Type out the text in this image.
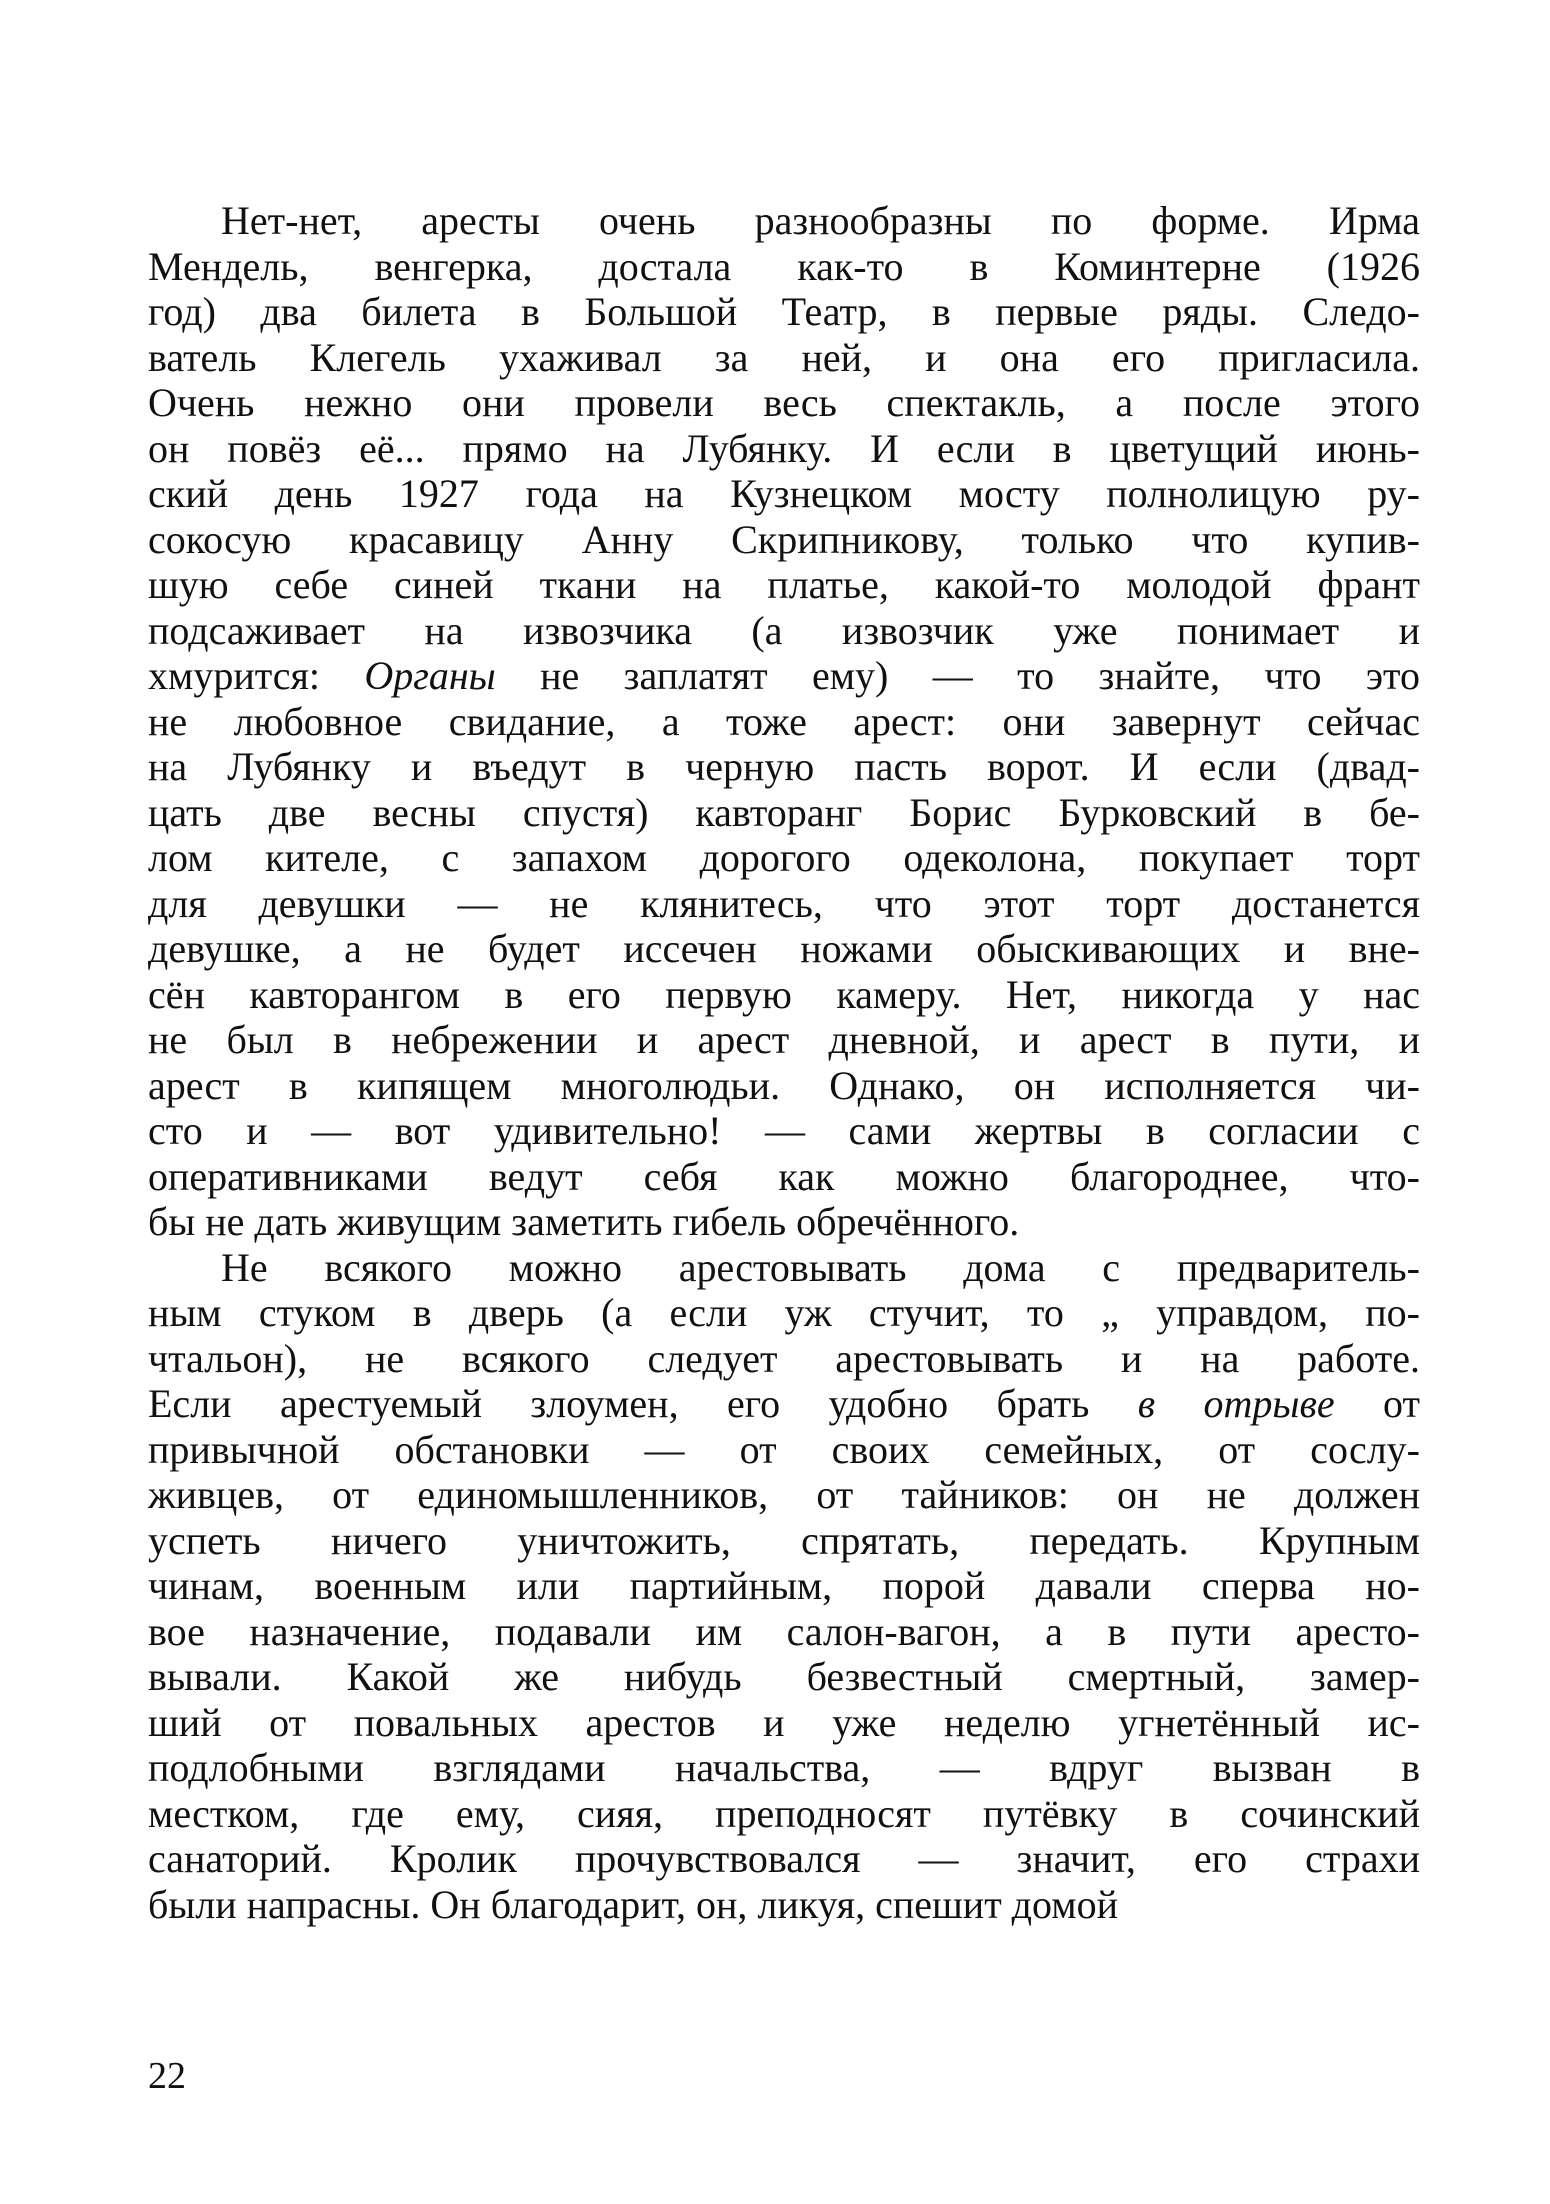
Нет-нет, аресты очень разнообразны по форме. Ирма
Мендель, венгерка, достала как-то в Коминтерне (1926
год) два билета в Большой Театр, в первые ряды. Следо-
ватель Клегель ухаживал за ней, и она его пригласила.
Очень нежно они провели весь спектакль, а после этого
он повёз её... прямо на Лубянку. И если в цветущий июнь-
ский день 1927 года на Кузнецком мосту полнолицую ру-
сокосую красавицу Анну Скрипникову, только что купив-
шую себе синей ткани на платье, какой-то молодой франт
подсаживает на извозчика (а извозчик уже понимает и
хмурится: Органы не заплатят ему) — то знайте, что это
не любовное свидание, а тоже арест: они завернут сейчас
на Лубянку и въедут в черную пасть ворот. И если (двад-
цать две весны спустя) кавторанг Борис Бурковский в бе-
лом кителе, с запахом дорогого одеколона, покупает торт
для девушки — не клянитесь, что этот торт достанется
девушке, а не будет иссечен ножами обыскивающих и вне-
сён кавторангом в его первую камеру. Нет, никогда у нас
не был в небрежении и арест дневной, и арест в пути, и
арест в кипящем многолюдьи. Однако, он исполняется чи-
сто и — вот удивительно! — сами жертвы в согласии с
оперативниками ведут себя как можно благороднее, что-
бы не дать живущим заметить гибель обречённого.
Не всякого можно арестовывать дома с предваритель-
ным стуком в дверь (а если уж стучит, то „ управдом, по-
чтальон), не всякого следует арестовывать и на работе.
Если арестуемый злоумен, его удобно брать в отрыве от
привычной обстановки — от своих семейных, от сослу-
живцев, от единомышленников, от тайников: он не должен
успеть ничего уничтожить, спрятать, передать. Крупным
чинам, военным или партийным, порой давали сперва но-
вое назначение, подавали им салон-вагон, а в пути аресто-
вывали. Какой же нибудь безвестный смертный, замер-
ший от повальных арестов и уже неделю угнетённый ис-
подлобными взглядами начальства, — вдруг вызван в
местком, где ему, сияя, преподносят путёвку в сочинский
санаторий. Кролик прочувствовался — значит, его страхи
были напрасны. Он благодарит, он, ликуя, спешит домой
22
